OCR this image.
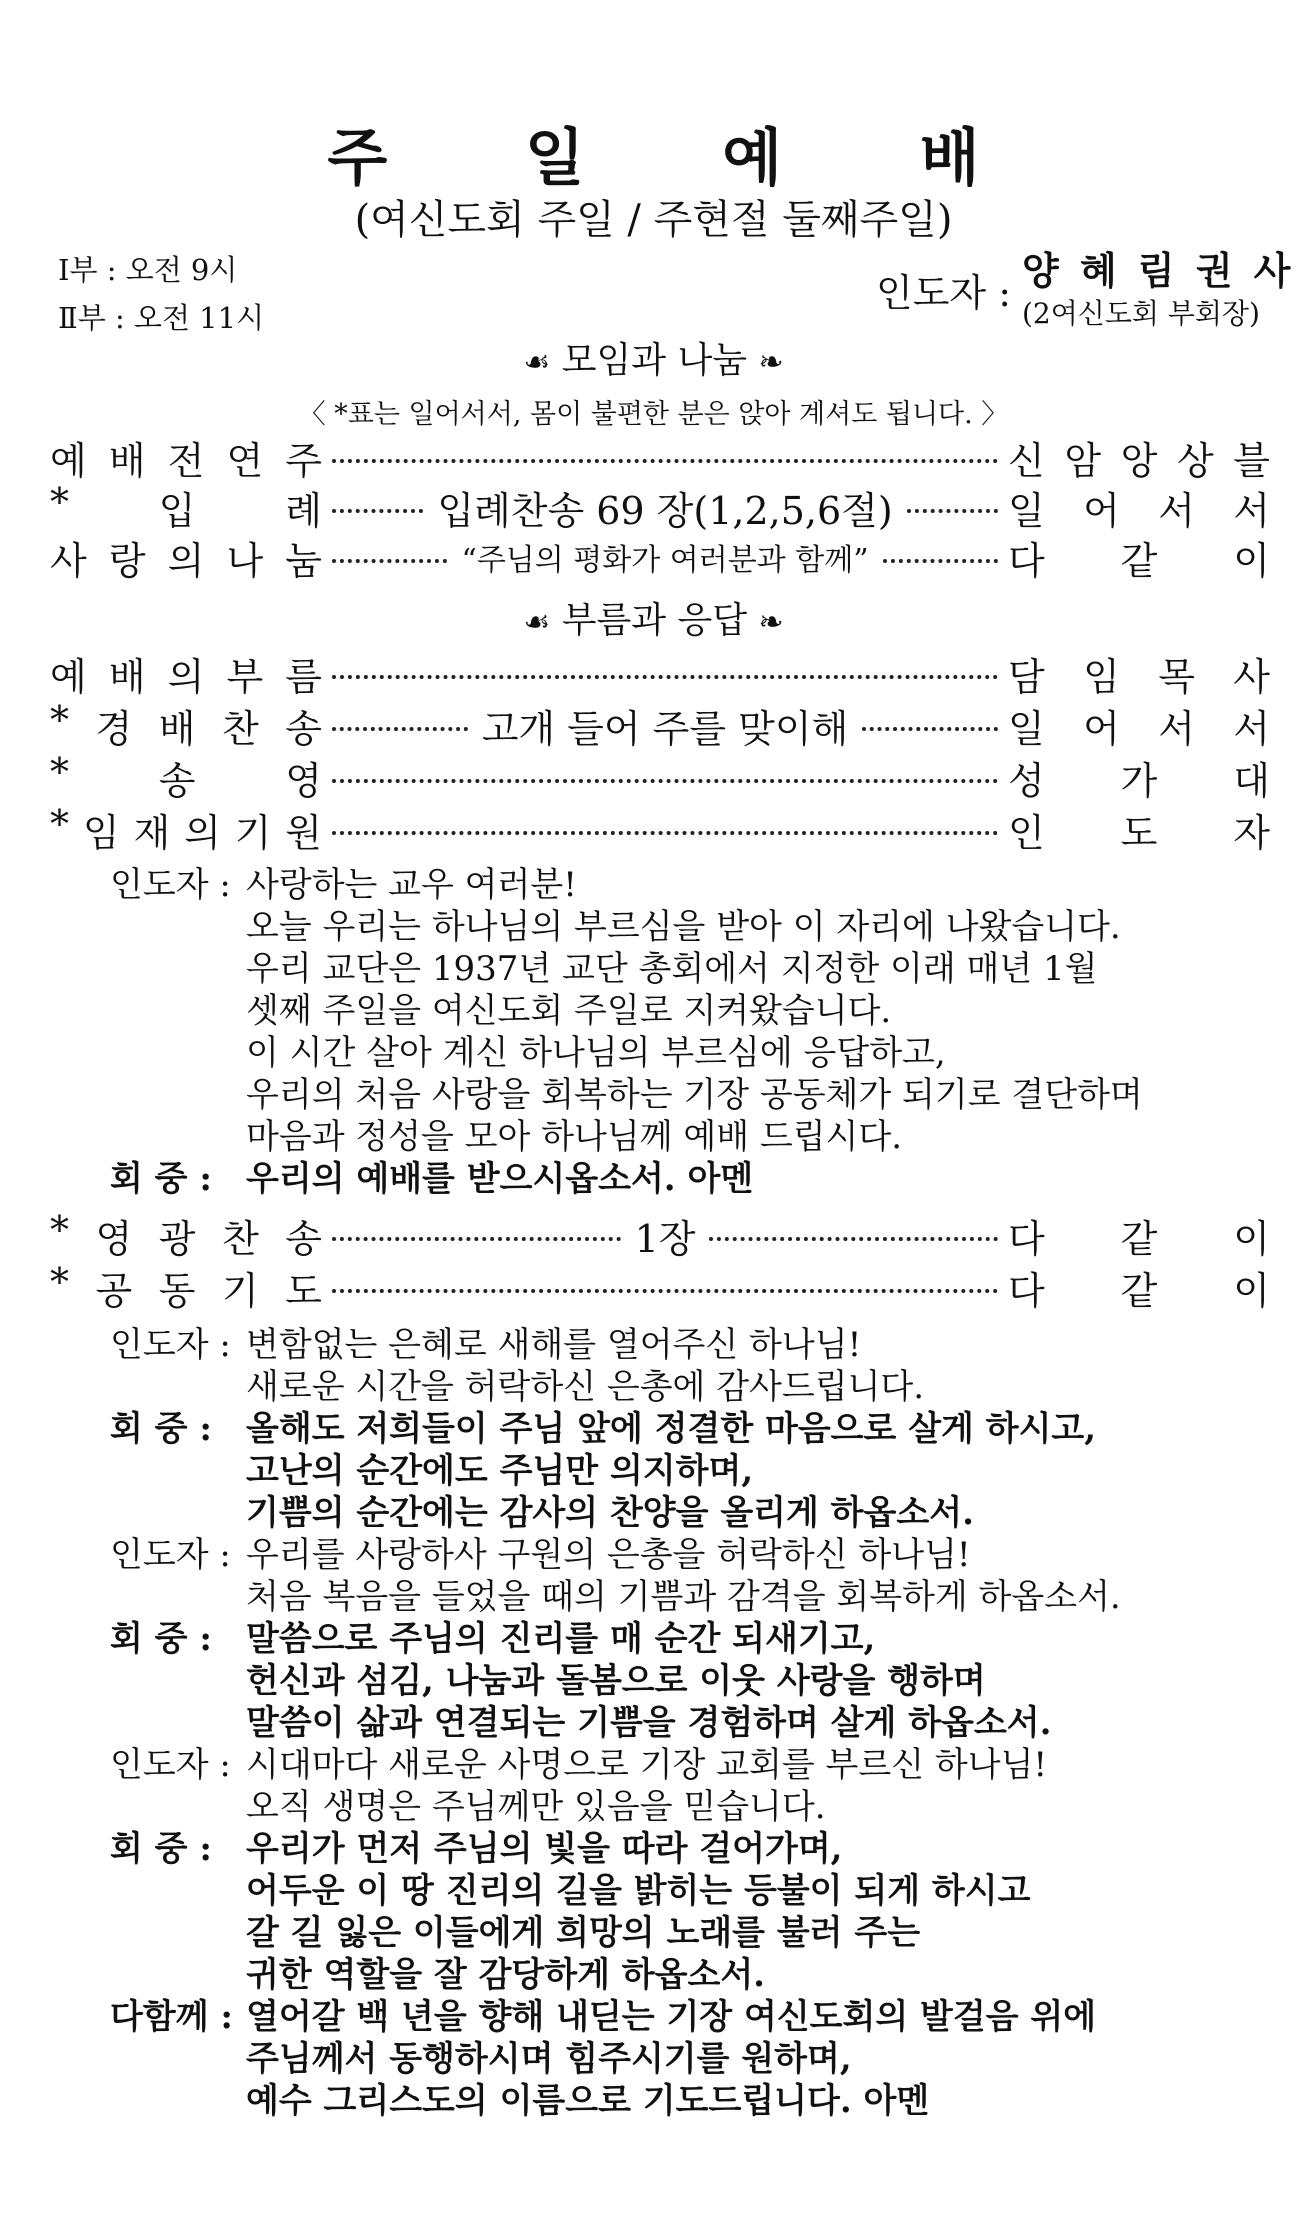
주 일 예 배
(여신도회 주일 / 주현절 둘째주일)
Ⅰ부 : 오전 9시
Ⅱ부 : 오전 11시
인도자 : 양 혜 림 권 사
(2여신도회 부회장)
☙ 모임과 나눔 ❧
〈 *표는 일어서서, 몸이 불편한 분은 앉아 계셔도 됩니다. 〉
예 배 전 연 주	신 암 앙 상 블
* 입 례	입례찬송 69 장(1,2,5,6절)	일 어 서 서
사 랑 의 나 눔	“주님의 평화가 여러분과 함께”	다 같 이
☙ 부름과 응답 ❧
예 배 의 부 름	담 임 목 사
* 경 배 찬 송	고개 들어 주를 맞이해	일 어 서 서
* 송 영	성 가 대
* 임 재 의 기 원	인 도 자
인도자 : 사랑하는 교우 여러분!
오늘 우리는 하나님의 부르심을 받아 이 자리에 나왔습니다.
우리 교단은 1937년 교단 총회에서 지정한 이래 매년 1월
셋째 주일을 여신도회 주일로 지켜왔습니다.
이 시간 살아 계신 하나님의 부르심에 응답하고,
우리의 처음 사랑을 회복하는 기장 공동체가 되기로 결단하며
마음과 정성을 모아 하나님께 예배 드립시다.
회 중 :	우리의 예배를 받으시옵소서. 아멘
* 영 광 찬 송	1장	다 같 이
* 공 동 기 도	다 같 이
인도자 : 변함없는 은혜로 새해를 열어주신 하나님!
새로운 시간을 허락하신 은총에 감사드립니다.
회 중 :	올해도 저희들이 주님 앞에 정결한 마음으로 살게 하시고,
고난의 순간에도 주님만 의지하며,
기쁨의 순간에는 감사의 찬양을 올리게 하옵소서.
인도자 : 우리를 사랑하사 구원의 은총을 허락하신 하나님!
처음 복음을 들었을 때의 기쁨과 감격을 회복하게 하옵소서.
회 중 :	말씀으로 주님의 진리를 매 순간 되새기고,
헌신과 섬김, 나눔과 돌봄으로 이웃 사랑을 행하며
말씀이 삶과 연결되는 기쁨을 경험하며 살게 하옵소서.
인도자 : 시대마다 새로운 사명으로 기장 교회를 부르신 하나님!
오직 생명은 주님께만 있음을 믿습니다.
회 중 :	우리가 먼저 주님의 빛을 따라 걸어가며,
어두운 이 땅 진리의 길을 밝히는 등불이 되게 하시고
갈 길 잃은 이들에게 희망의 노래를 불러 주는
귀한 역할을 잘 감당하게 하옵소서.
다함께 : 열어갈 백 년을 향해 내딛는 기장 여신도회의 발걸음 위에
주님께서 동행하시며 힘주시기를 원하며,
예수 그리스도의 이름으로 기도드립니다. 아멘
